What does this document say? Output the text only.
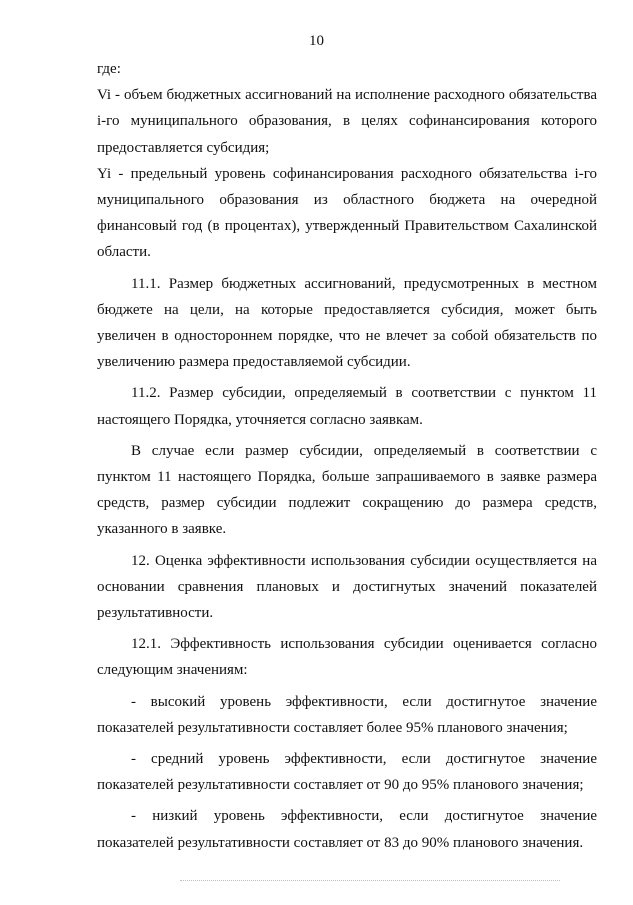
10

где:

Vi - объем бюджетных ассигнований на исполнение расходного обязательства i-го муниципального образования, в целях софинансирования которого предоставляется субсидия;

Yi - предельный уровень софинансирования расходного обязательства i-го муниципального образования из областного бюджета на очередной финансовый год (в процентах), утвержденный Правительством Сахалинской области.

11.1. Размер бюджетных ассигнований, предусмотренных в местном бюджете на цели, на которые предоставляется субсидия, может быть увеличен в одностороннем порядке, что не влечет за собой обязательств по увеличению размера предоставляемой субсидии.

11.2. Размер субсидии, определяемый в соответствии с пунктом 11 настоящего Порядка, уточняется согласно заявкам.

В случае если размер субсидии, определяемый в соответствии с пунктом 11 настоящего Порядка, больше запрашиваемого в заявке размера средств, размер субсидии подлежит сокращению до размера средств, указанного в заявке.

12. Оценка эффективности использования субсидии осуществляется на основании сравнения плановых и достигнутых значений показателей результативности.

12.1. Эффективность использования субсидии оценивается согласно следующим значениям:

- высокий уровень эффективности, если достигнутое значение показателей результативности составляет более 95% планового значения;

- средний уровень эффективности, если достигнутое значение показателей результативности составляет от 90 до 95% планового значения;

- низкий уровень эффективности, если достигнутое значение показателей результативности составляет от 83 до 90% планового значения.
